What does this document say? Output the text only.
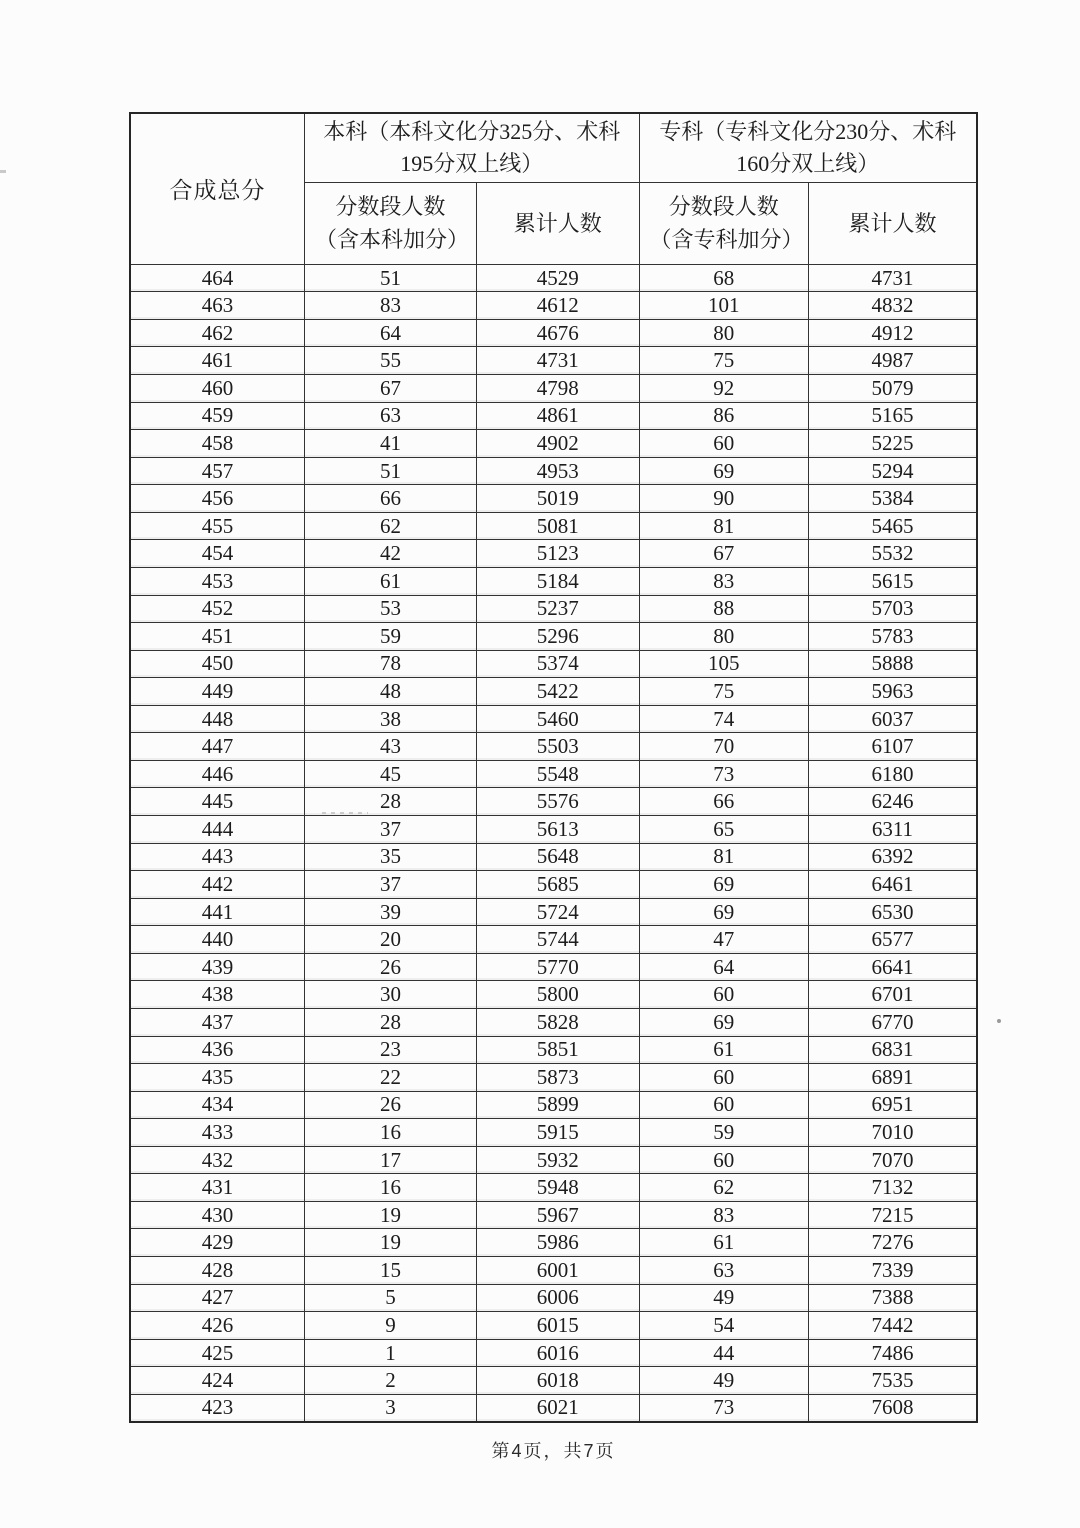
合成总分	本科（本科文化分325分、术科195分双上线）		专科（专科文化分230分、术科160分双上线）	
	分数段人数（含本科加分）	累计人数	分数段人数（含专科加分）	累计人数
464	51	4529	68	4731
463	83	4612	101	4832
462	64	4676	80	4912
461	55	4731	75	4987
460	67	4798	92	5079
459	63	4861	86	5165
458	41	4902	60	5225
457	51	4953	69	5294
456	66	5019	90	5384
455	62	5081	81	5465
454	42	5123	67	5532
453	61	5184	83	5615
452	53	5237	88	5703
451	59	5296	80	5783
450	78	5374	105	5888
449	48	5422	75	5963
448	38	5460	74	6037
447	43	5503	70	6107
446	45	5548	73	6180
445	28	5576	66	6246
444	37	5613	65	6311
443	35	5648	81	6392
442	37	5685	69	6461
441	39	5724	69	6530
440	20	5744	47	6577
439	26	5770	64	6641
438	30	5800	60	6701
437	28	5828	69	6770
436	23	5851	61	6831
435	22	5873	60	6891
434	26	5899	60	6951
433	16	5915	59	7010
432	17	5932	60	7070
431	16	5948	62	7132
430	19	5967	83	7215
429	19	5986	61	7276
428	15	6001	63	7339
427	5	6006	49	7388
426	9	6015	54	7442
425	1	6016	44	7486
424	2	6018	49	7535
423	3	6021	73	7608
第4页，共7页
